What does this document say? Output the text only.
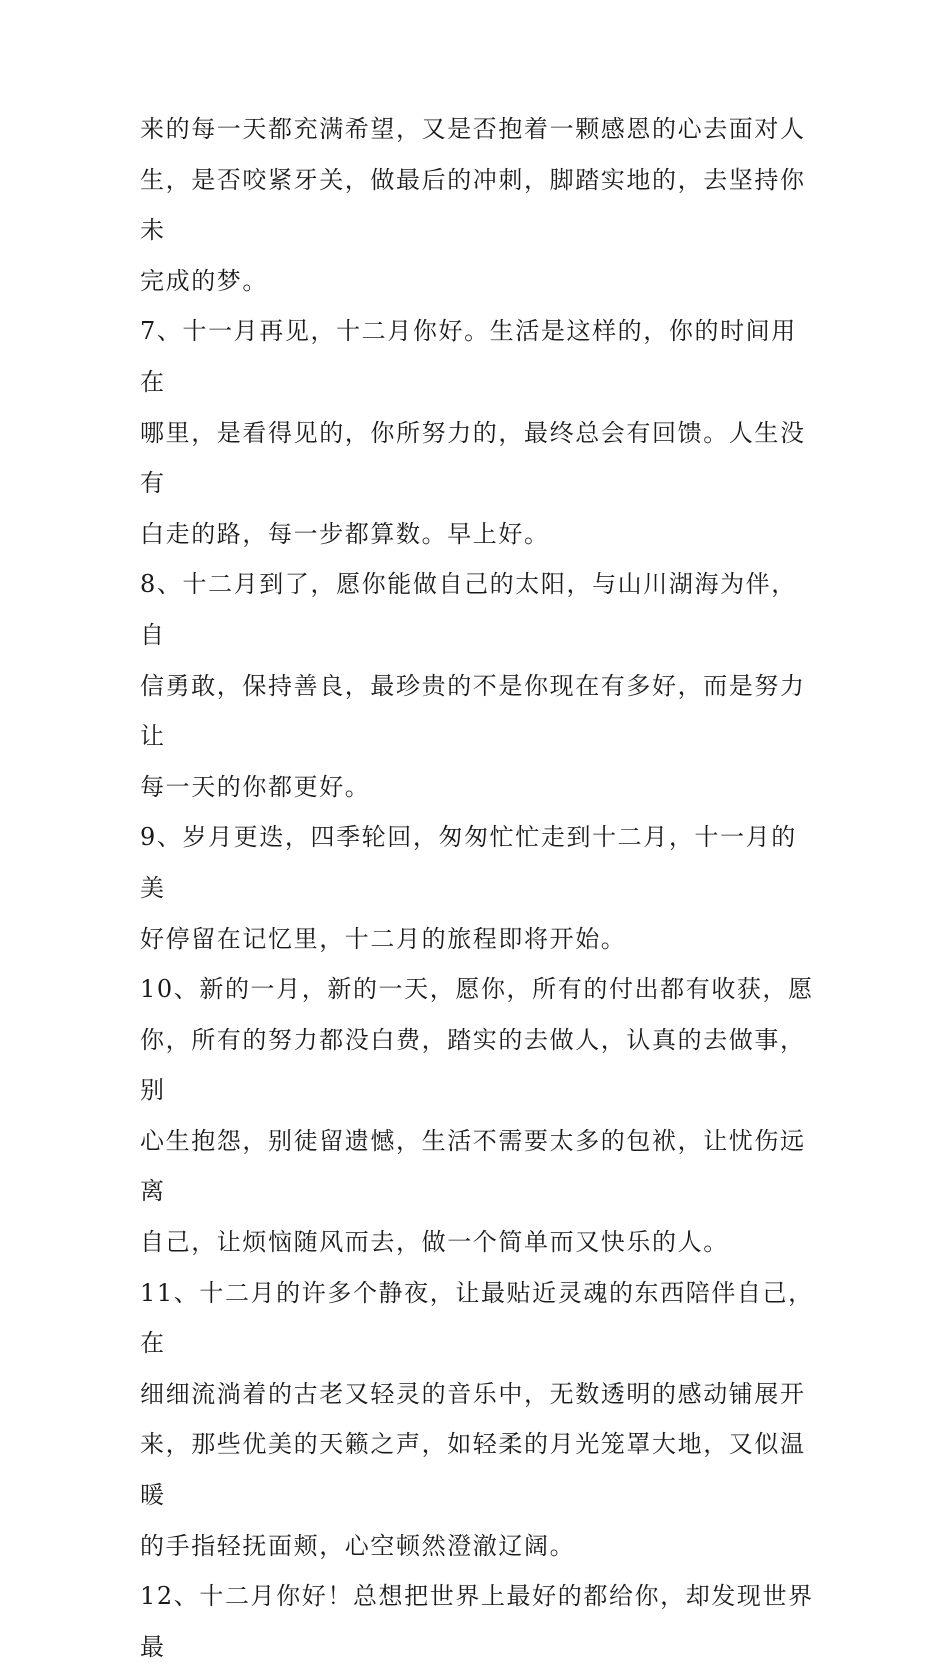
来的每一天都充满希望，又是否抱着一颗感恩的心去面对人
生，是否咬紧牙关，做最后的冲刺，脚踏实地的，去坚持你未
完成的梦。

7、十一月再见，十二月你好。生活是这样的，你的时间用在
哪里，是看得见的，你所努力的，最终总会有回馈。人生没有
白走的路，每一步都算数。早上好。

8、十二月到了，愿你能做自己的太阳，与山川湖海为伴，自
信勇敢，保持善良，最珍贵的不是你现在有多好，而是努力让
每一天的你都更好。

9、岁月更迭，四季轮回，匆匆忙忙走到十二月，十一月的美
好停留在记忆里，十二月的旅程即将开始。

10、新的一月，新的一天，愿你，所有的付出都有收获，愿
你，所有的努力都没白费，踏实的去做人，认真的去做事，别
心生抱怨，别徒留遗憾，生活不需要太多的包袱，让忧伤远离
自己，让烦恼随风而去，做一个简单而又快乐的人。

11、十二月的许多个静夜，让最贴近灵魂的东西陪伴自己，在
细细流淌着的古老又轻灵的音乐中，无数透明的感动铺展开
来，那些优美的天籁之声，如轻柔的月光笼罩大地，又似温暖
的手指轻抚面颊，心空顿然澄澈辽阔。

12、十二月你好！总想把世界上最好的都给你，却发现世界最
